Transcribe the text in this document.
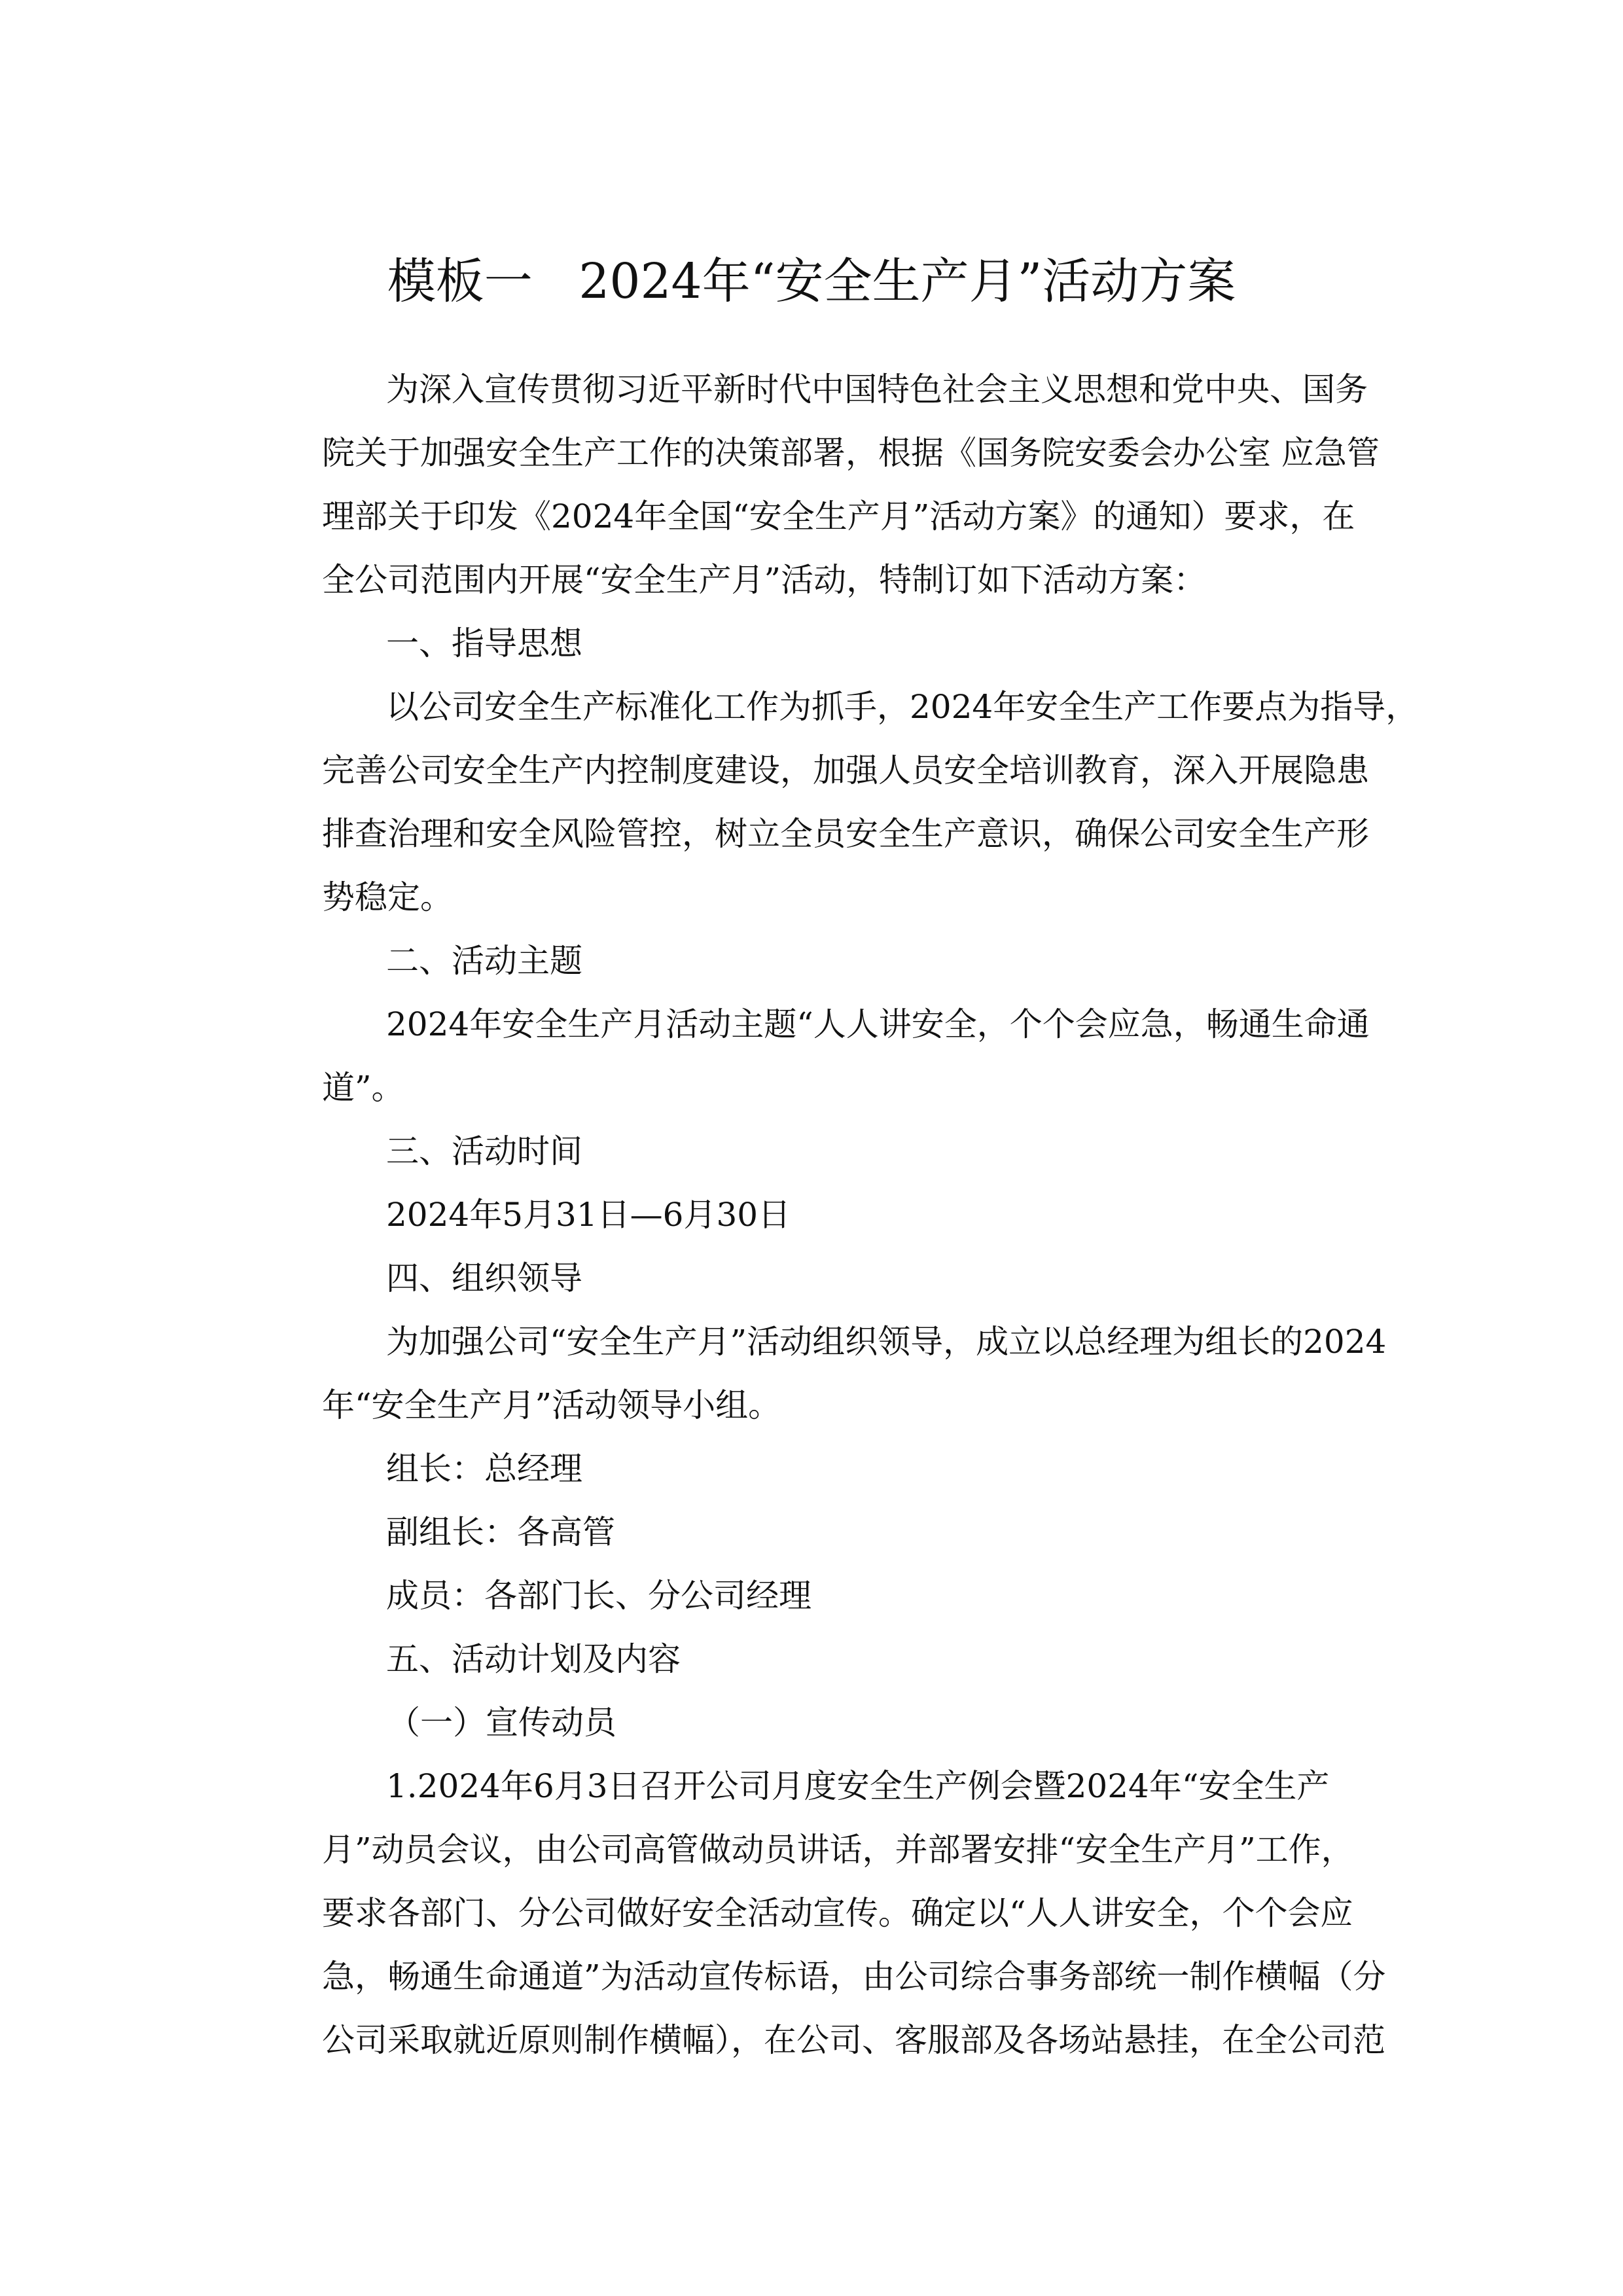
模板一   2024年“安全生产月”活动方案
为深入宣传贯彻习近平新时代中国特色社会主义思想和党中央、国务
院关于加强安全生产工作的决策部署，根据《国务院安委会办公室 应急管
理部关于印发《2024年全国“安全生产月”活动方案》的通知）要求，在
全公司范围内开展“安全生产月”活动，特制订如下活动方案：
一、指导思想
以公司安全生产标准化工作为抓手，2024年安全生产工作要点为指导，
完善公司安全生产内控制度建设，加强人员安全培训教育，深入开展隐患
排查治理和安全风险管控，树立全员安全生产意识，确保公司安全生产形
势稳定。
二、活动主题
2024年安全生产月活动主题“人人讲安全，个个会应急，畅通生命通
道”。
三、活动时间
2024年5月31日—6月30日
四、组织领导
为加强公司“安全生产月”活动组织领导，成立以总经理为组长的2024
年“安全生产月”活动领导小组。
组长：总经理
副组长：各高管
成员：各部门长、分公司经理
五、活动计划及内容
（一）宣传动员
1.2024年6月3日召开公司月度安全生产例会暨2024年“安全生产
月”动员会议，由公司高管做动员讲话，并部署安排“安全生产月”工作，
要求各部门、分公司做好安全活动宣传。确定以“人人讲安全，个个会应
急，畅通生命通道”为活动宣传标语，由公司综合事务部统一制作横幅（分
公司采取就近原则制作横幅），在公司、客服部及各场站悬挂，在全公司范
